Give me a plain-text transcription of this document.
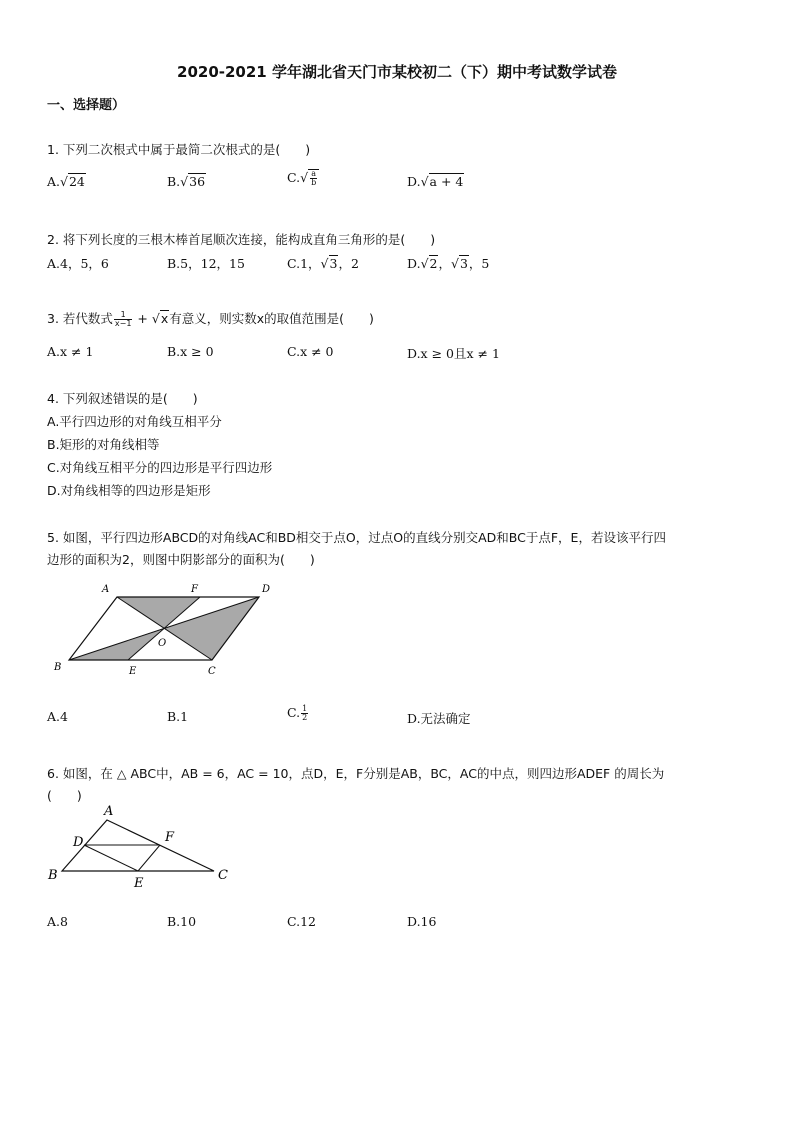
2020-2021 学年湖北省天门市某校初二（下）期中考试数学试卷
一、选择题）
1. 下列二次根式中属于最简二次根式的是(　　)
A.√24	B.√36	$C.√ \frac{a}{b}$	D.√a + 4
2. 将下列长度的三根木棒首尾顺次连接，能构成直角三角形的是(　　)
A.4，5，6	B.5，12，15	C.1，√3，2	D.√2，√3，5
3. 若代数式 $\frac{1}{x-1} + √x$有意义，则实数x的取值范围是(　　)
A.x ≠ 1	B.x ≥ 0	C.x ≠ 0	D.x ≥ 0且x ≠ 1
4. 下列叙述错误的是(　　)
A.平行四边形的对角线互相平分
B.矩形的对角线相等
C.对角线互相平分的四边形是平行四边形
D.对角线相等的四边形是矩形
5. 如图，平行四边形ABCD的对角线AC和BD相交于点O，过点O的直线分别交AD和BC于点F，E，若设该平行四
边形的面积为2，则图中阴影部分的面积为(　　)
A	F	D
O
B	E	C
A.4	B.1	C. $\frac{1}{2}$	D.无法确定
6. 如图，在 △ ABC中，AB = 6，AC = 10，点D，E，F分别是AB，BC，AC的中点，则四边形ADEF 的周长为
(　　)
A
D	F
B
E
C
A.8	B.10	C.12	D.16
